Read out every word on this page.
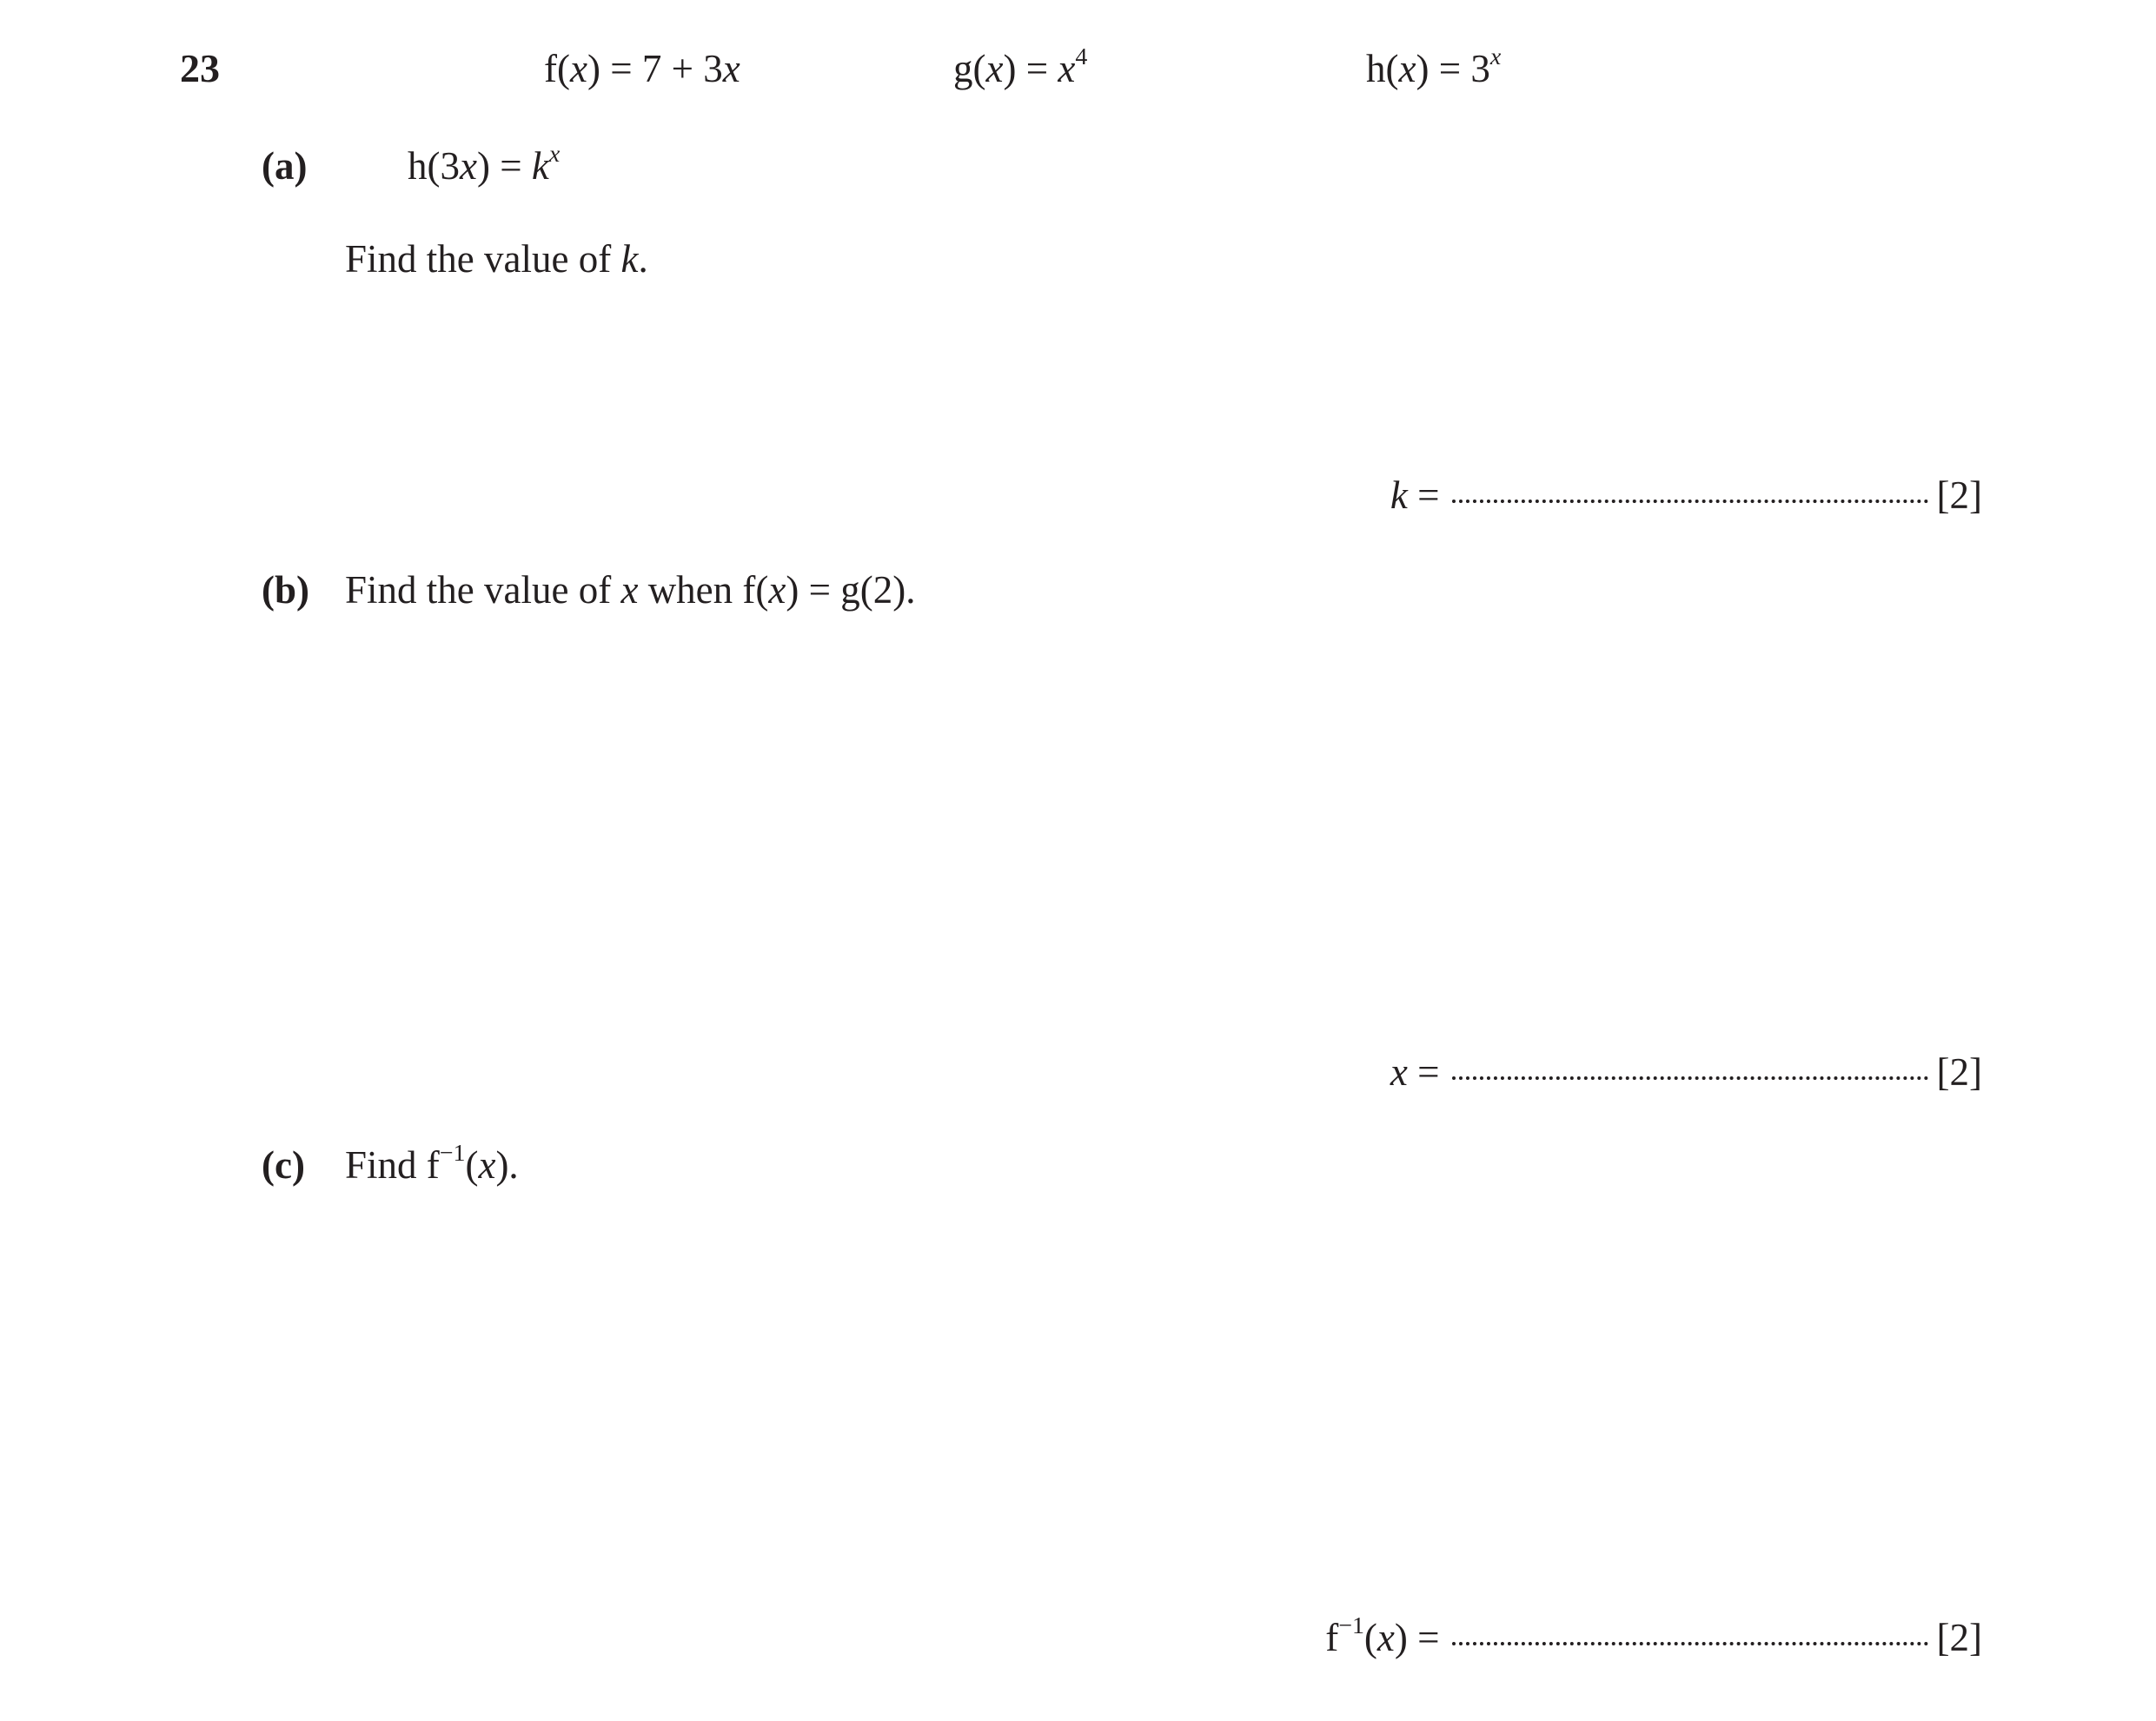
23	f(x) = 7 + 3x	$g(x) = x^4$	$h(x) = 3^x$
(a)	$h(3x) = k^x$
Find the value of k.
k =	[2]
(b) Find the value of x when f(x) = g(2).
x =	[2]
(c) Find $f^{-1}(x)$.
$f^{-1}(x)$ =	[2]
